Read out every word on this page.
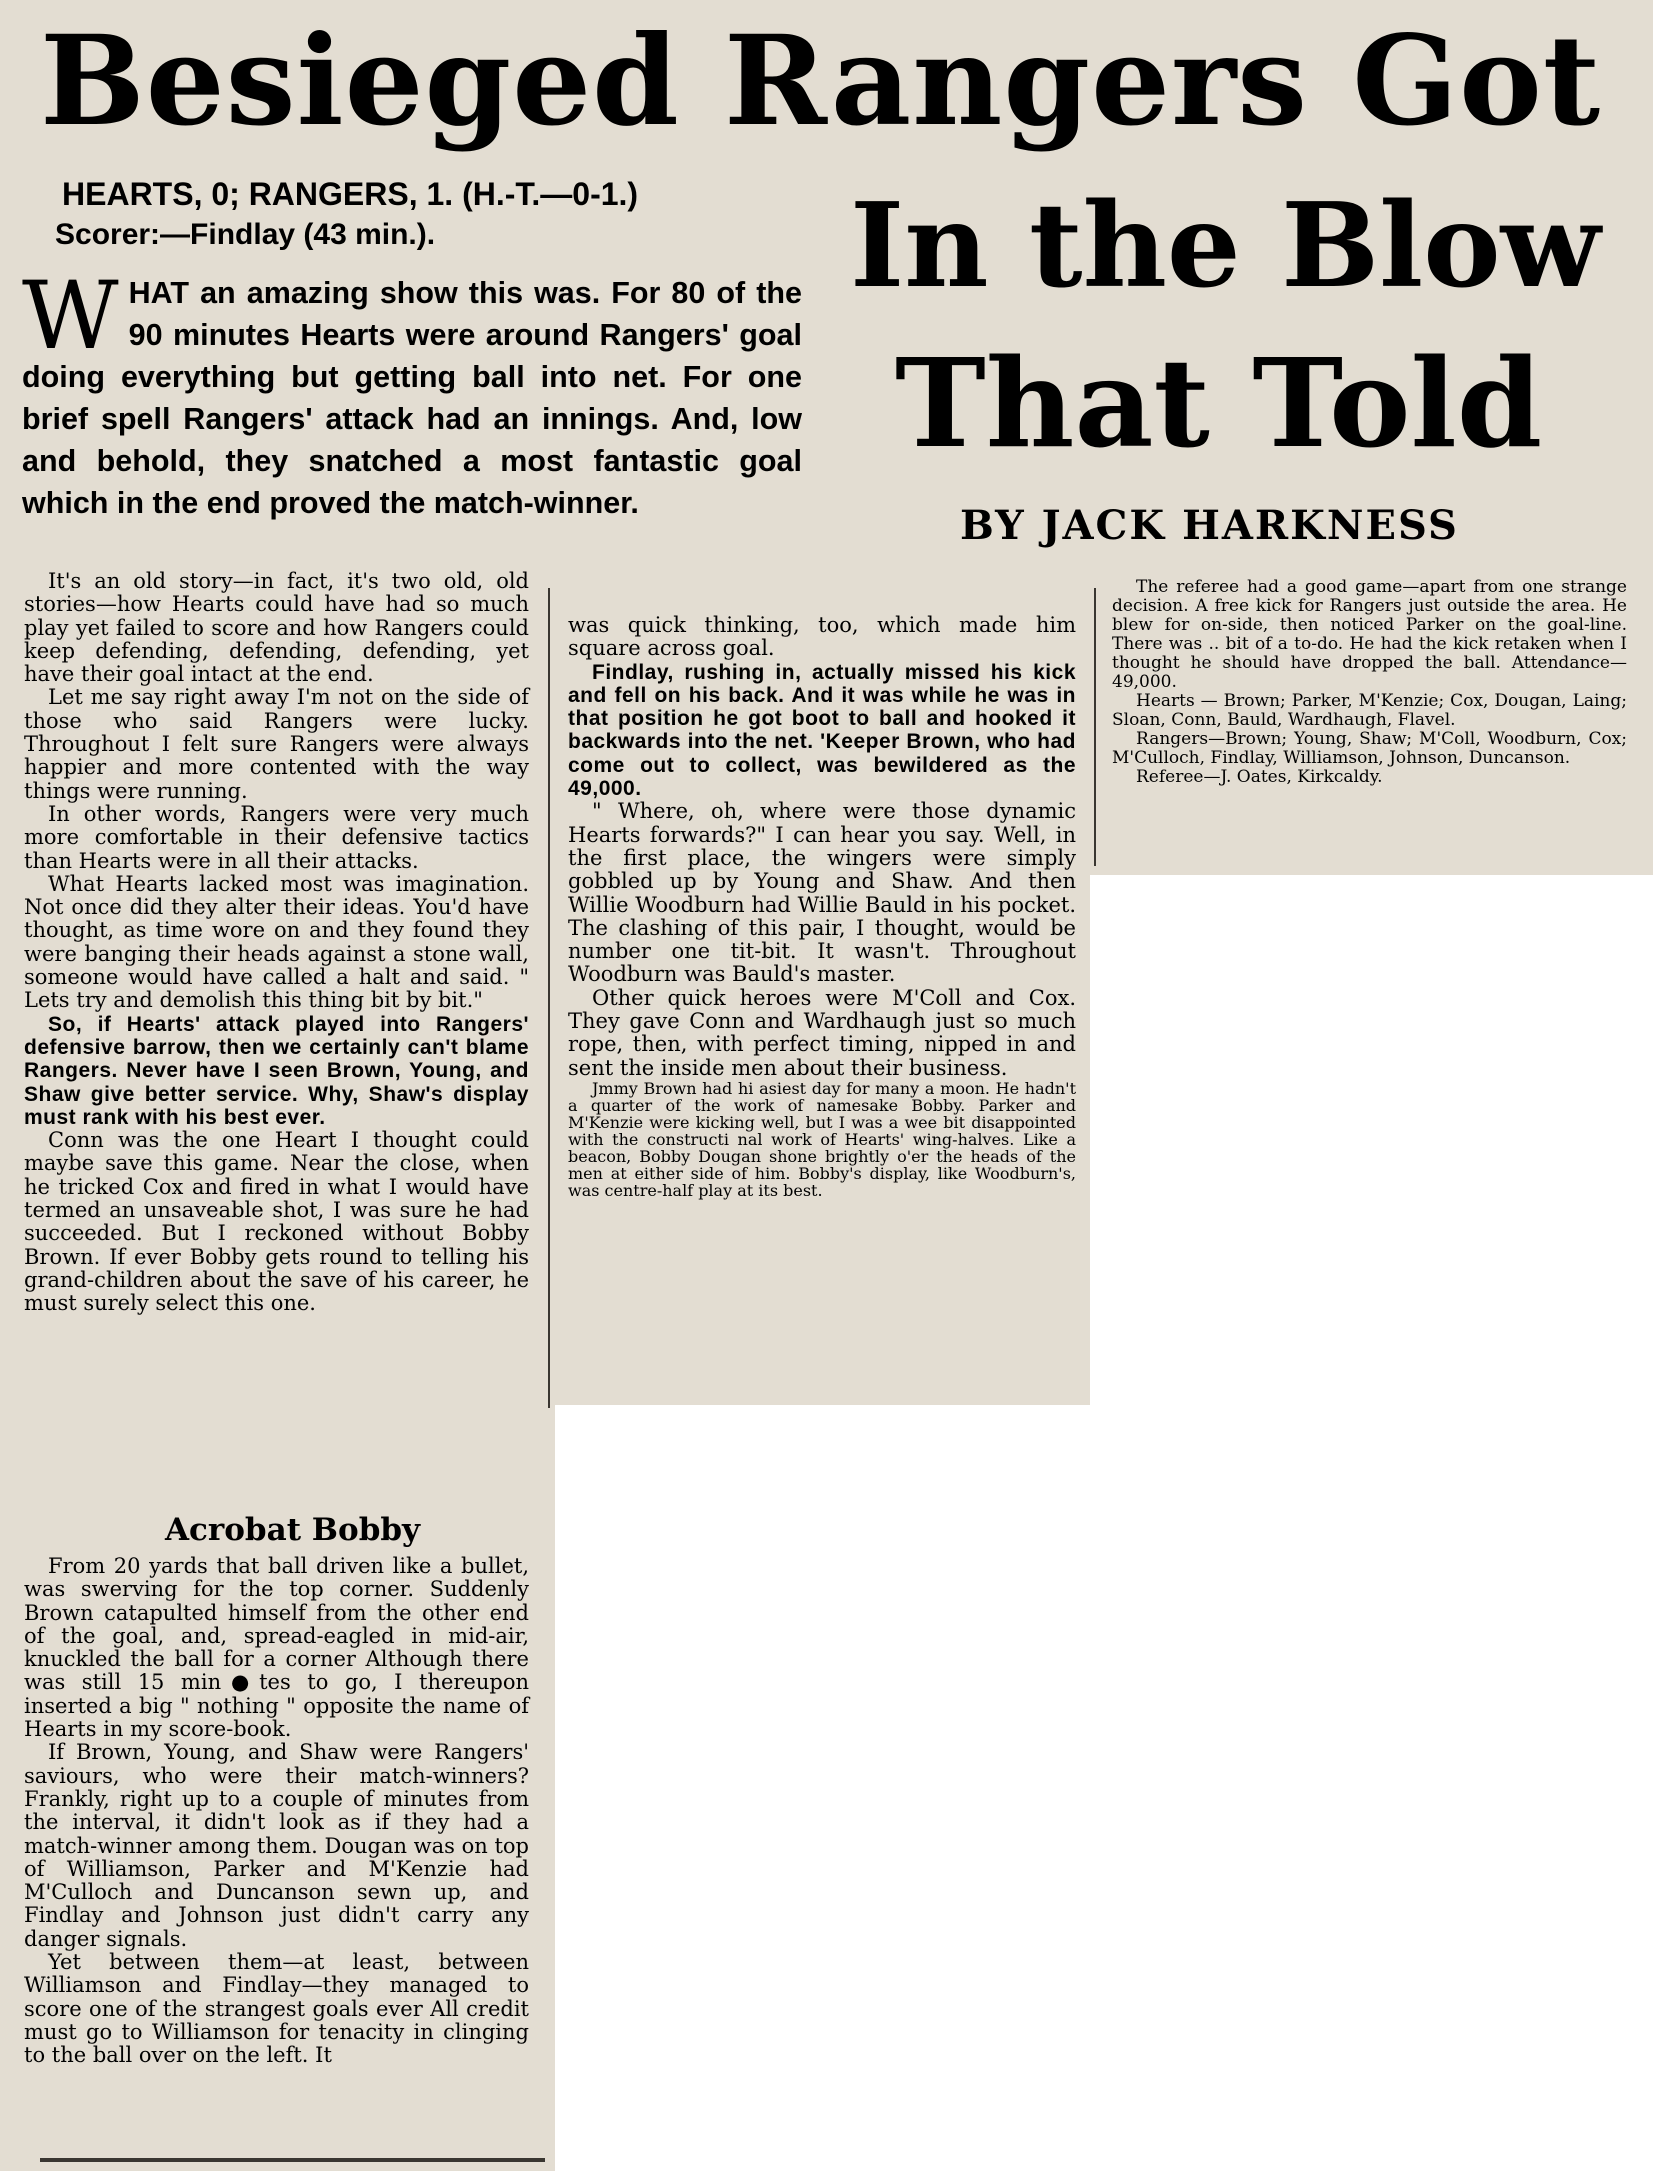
Besieged Rangers Got
In the Blow
That Told
BY JACK HARKNESS
HEARTS, 0; RANGERS, 1. (H.-T.—0-1.)
Scorer:—Findlay (43 min.).

WHAT an amazing show this was. For 80 of the 90 minutes Hearts were around Rangers' goal doing everything but getting ball into net. For one brief spell Rangers' attack had an innings. And, low and behold, they snatched a most fantastic goal which in the end proved the match-winner.

It's an old story—in fact, it's two old, old stories—how Hearts could have had so much play yet failed to score and how Rangers could keep defending, defending, defending, yet have their goal intact at the end.

Let me say right away I'm not on the side of those who said Rangers were lucky. Throughout I felt sure Rangers were always happier and more contented with the way things were running.

In other words, Rangers were very much more comfortable in their defensive tactics than Hearts were in all their attacks.

What Hearts lacked most was imagination. Not once did they alter their ideas. You'd have thought, as time wore on and they found they were banging their heads against a stone wall, someone would have called a halt and said. " Lets try and demolish this thing bit by bit."

So, if Hearts' attack played into Rangers' defensive barrow, then we certainly can't blame Rangers. Never have I seen Brown, Young, and Shaw give better service. Why, Shaw's display must rank with his best ever.

Conn was the one Heart I thought could maybe save this game. Near the close, when he tricked Cox and fired in what I would have termed an unsaveable shot, I was sure he had succeeded. But I reckoned without Bobby Brown. If ever Bobby gets round to telling his grand-children about the save of his career, he must surely select this one.

Acrobat Bobby

From 20 yards that ball driven like a bullet, was swerving for the top corner. Suddenly Brown catapulted himself from the other end of the goal, and, spread-eagled in mid-air, knuckled the ball for a corner Although there was still 15 min●tes to go, I thereupon inserted a big " nothing " opposite the name of Hearts in my score-book.

If Brown, Young, and Shaw were Rangers' saviours, who were their match-winners? Frankly, right up to a couple of minutes from the interval, it didn't look as if they had a match-winner among them. Dougan was on top of Williamson, Parker and M'Kenzie had M'Culloch and Duncanson sewn up, and Findlay and Johnson just didn't carry any danger signals.

Yet between them—at least, between Williamson and Findlay—they managed to score one of the strangest goals ever All credit must go to Williamson for tenacity in clinging to the ball over on the left. It

was quick thinking, too, which made him square across goal.

Findlay, rushing in, actually missed his kick and fell on his back. And it was while he was in that position he got boot to ball and hooked it backwards into the net. 'Keeper Brown, who had come out to collect, was bewildered as the 49,000.

" Where, oh, where were those dynamic Hearts forwards?" I can hear you say. Well, in the first place, the wingers were simply gobbled up by Young and Shaw. And then Willie Woodburn had Willie Bauld in his pocket. The clashing of this pair, I thought, would be number one tit-bit. It wasn't. Throughout Woodburn was Bauld's master.

Other quick heroes were M'Coll and Cox. They gave Conn and Wardhaugh just so much rope, then, with perfect timing, nipped in and sent the inside men about their business.

Jmmy Brown had hi asiest day for many a moon. He hadn't a quarter of the work of namesake Bobby. Parker and M'Kenzie were kicking well, but I was a wee bit disappointed with the constructi nal work of Hearts' wing-halves. Like a beacon, Bobby Dougan shone brightly o'er the heads of the men at either side of him. Bobby's display, like Woodburn's, was centre-half play at its best.

The referee had a good game—apart from one strange decision. A free kick for Rangers just outside the area. He blew for on-side, then noticed Parker on the goal-line. There was .. bit of a to-do. He had the kick retaken when I thought he should have dropped the ball. Attendance—49,000.

Hearts — Brown; Parker, M'Kenzie; Cox, Dougan, Laing; Sloan, Conn, Bauld, Wardhaugh, Flavel.

Rangers—Brown; Young, Shaw; M'Coll, Woodburn, Cox; M'Culloch, Findlay, Williamson, Johnson, Duncanson.

Referee—J. Oates, Kirkcaldy.
